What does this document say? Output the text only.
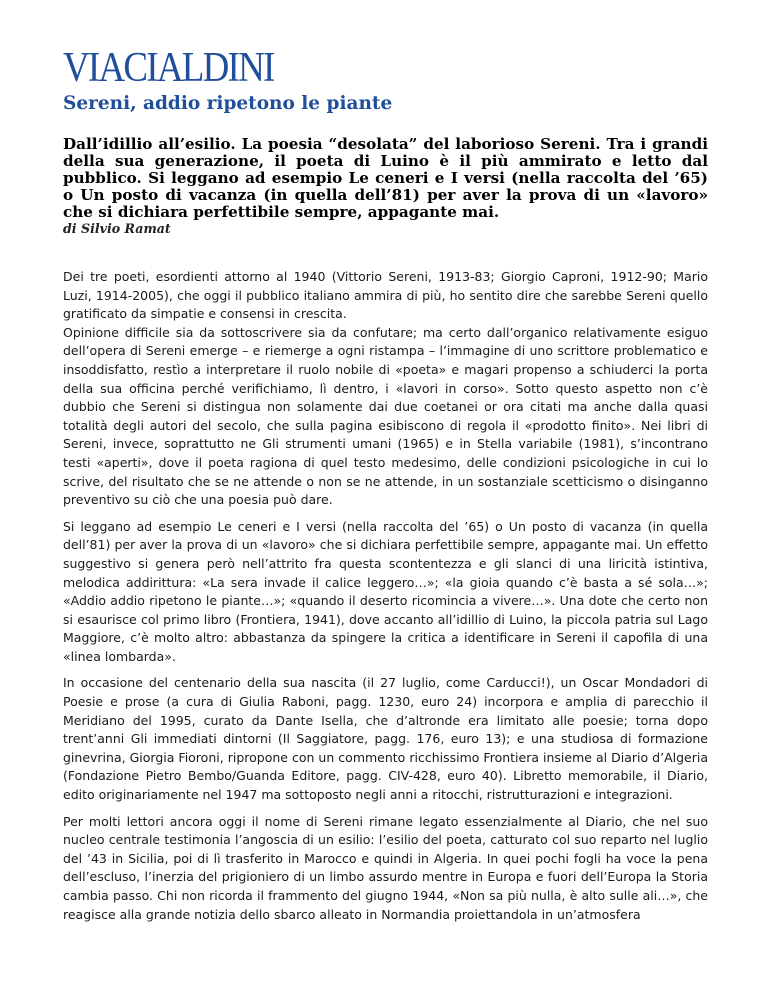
VIACIALDINI
Sereni, addio ripetono le piante

Dall’idillio all’esilio. La poesia “desolata” del laborioso Sereni. Tra i grandi della sua generazione, il poeta di Luino è il più ammirato e letto dal pubblico. Si leggano ad esempio Le ceneri e I versi (nella raccolta del ’65) o Un posto di vacanza (in quella dell’81) per aver la prova di un «lavoro» che si dichiara perfettibile sempre, appagante mai.

di Silvio Ramat

Dei tre poeti, esordienti attorno al 1940 (Vittorio Sereni, 1913-83; Giorgio Caproni, 1912-90; Mario Luzi, 1914-2005), che oggi il pubblico italiano ammira di più, ho sentito dire che sarebbe Sereni quello gratificato da simpatie e consensi in crescita.

Opinione difficile sia da sottoscrivere sia da confutare; ma certo dall’organico relativamente esiguo dell’opera di Sereni emerge – e riemerge a ogni ristampa – l’immagine di uno scrittore problematico e insoddisfatto, restìo a interpretare il ruolo nobile di «poeta» e magari propenso a schiuderci la porta della sua officina perché verifichiamo, lì dentro, i «lavori in corso». Sotto questo aspetto non c’è dubbio che Sereni si distingua non solamente dai due coetanei or ora citati ma anche dalla quasi totalità degli autori del secolo, che sulla pagina esibiscono di regola il «prodotto finito». Nei libri di Sereni, invece, soprattutto ne Gli strumenti umani (1965) e in Stella variabile (1981), s’incontrano testi «aperti», dove il poeta ragiona di quel testo medesimo, delle condizioni psicologiche in cui lo scrive, del risultato che se ne attende o non se ne attende, in un sostanziale scetticismo o disinganno preventivo su ciò che una poesia può dare.

Si leggano ad esempio Le ceneri e I versi (nella raccolta del ’65) o Un posto di vacanza (in quella dell’81) per aver la prova di un «lavoro» che si dichiara perfettibile sempre, appagante mai. Un effetto suggestivo si genera però nell’attrito fra questa scontentezza e gli slanci di una liricità istintiva, melodica addirittura: «La sera invade il calice leggero…»; «la gioia quando c’è basta a sé sola…»; «Addio addio ripetono le piante…»; «quando il deserto ricomincia a vivere…». Una dote che certo non si esaurisce col primo libro (Frontiera, 1941), dove accanto all’idillio di Luino, la piccola patria sul Lago Maggiore, c’è molto altro: abbastanza da spingere la critica a identificare in Sereni il capofila di una «linea lombarda».

In occasione del centenario della sua nascita (il 27 luglio, come Carducci!), un Oscar Mondadori di Poesie e prose (a cura di Giulia Raboni, pagg. 1230, euro 24) incorpora e amplia di parecchio il Meridiano del 1995, curato da Dante Isella, che d’altronde era limitato alle poesie; torna dopo trent’anni Gli immediati dintorni (Il Saggiatore, pagg. 176, euro 13); e una studiosa di formazione ginevrina, Giorgia Fioroni, ripropone con un commento ricchissimo Frontiera insieme al Diario d’Algeria (Fondazione Pietro Bembo/Guanda Editore, pagg. CIV-428, euro 40). Libretto memorabile, il Diario, edito originariamente nel 1947 ma sottoposto negli anni a ritocchi, ristrutturazioni e integrazioni.

Per molti lettori ancora oggi il nome di Sereni rimane legato essenzialmente al Diario, che nel suo nucleo centrale testimonia l’angoscia di un esilio: l’esilio del poeta, catturato col suo reparto nel luglio del ’43 in Sicilia, poi di lì trasferito in Marocco e quindi in Algeria. In quei pochi fogli ha voce la pena dell’escluso, l’inerzia del prigioniero di un limbo assurdo mentre in Europa e fuori dell’Europa la Storia cambia passo. Chi non ricorda il frammento del giugno 1944, «Non sa più nulla, è alto sulle ali…», che reagisce alla grande notizia dello sbarco alleato in Normandia proiettandola in un’atmosfera
